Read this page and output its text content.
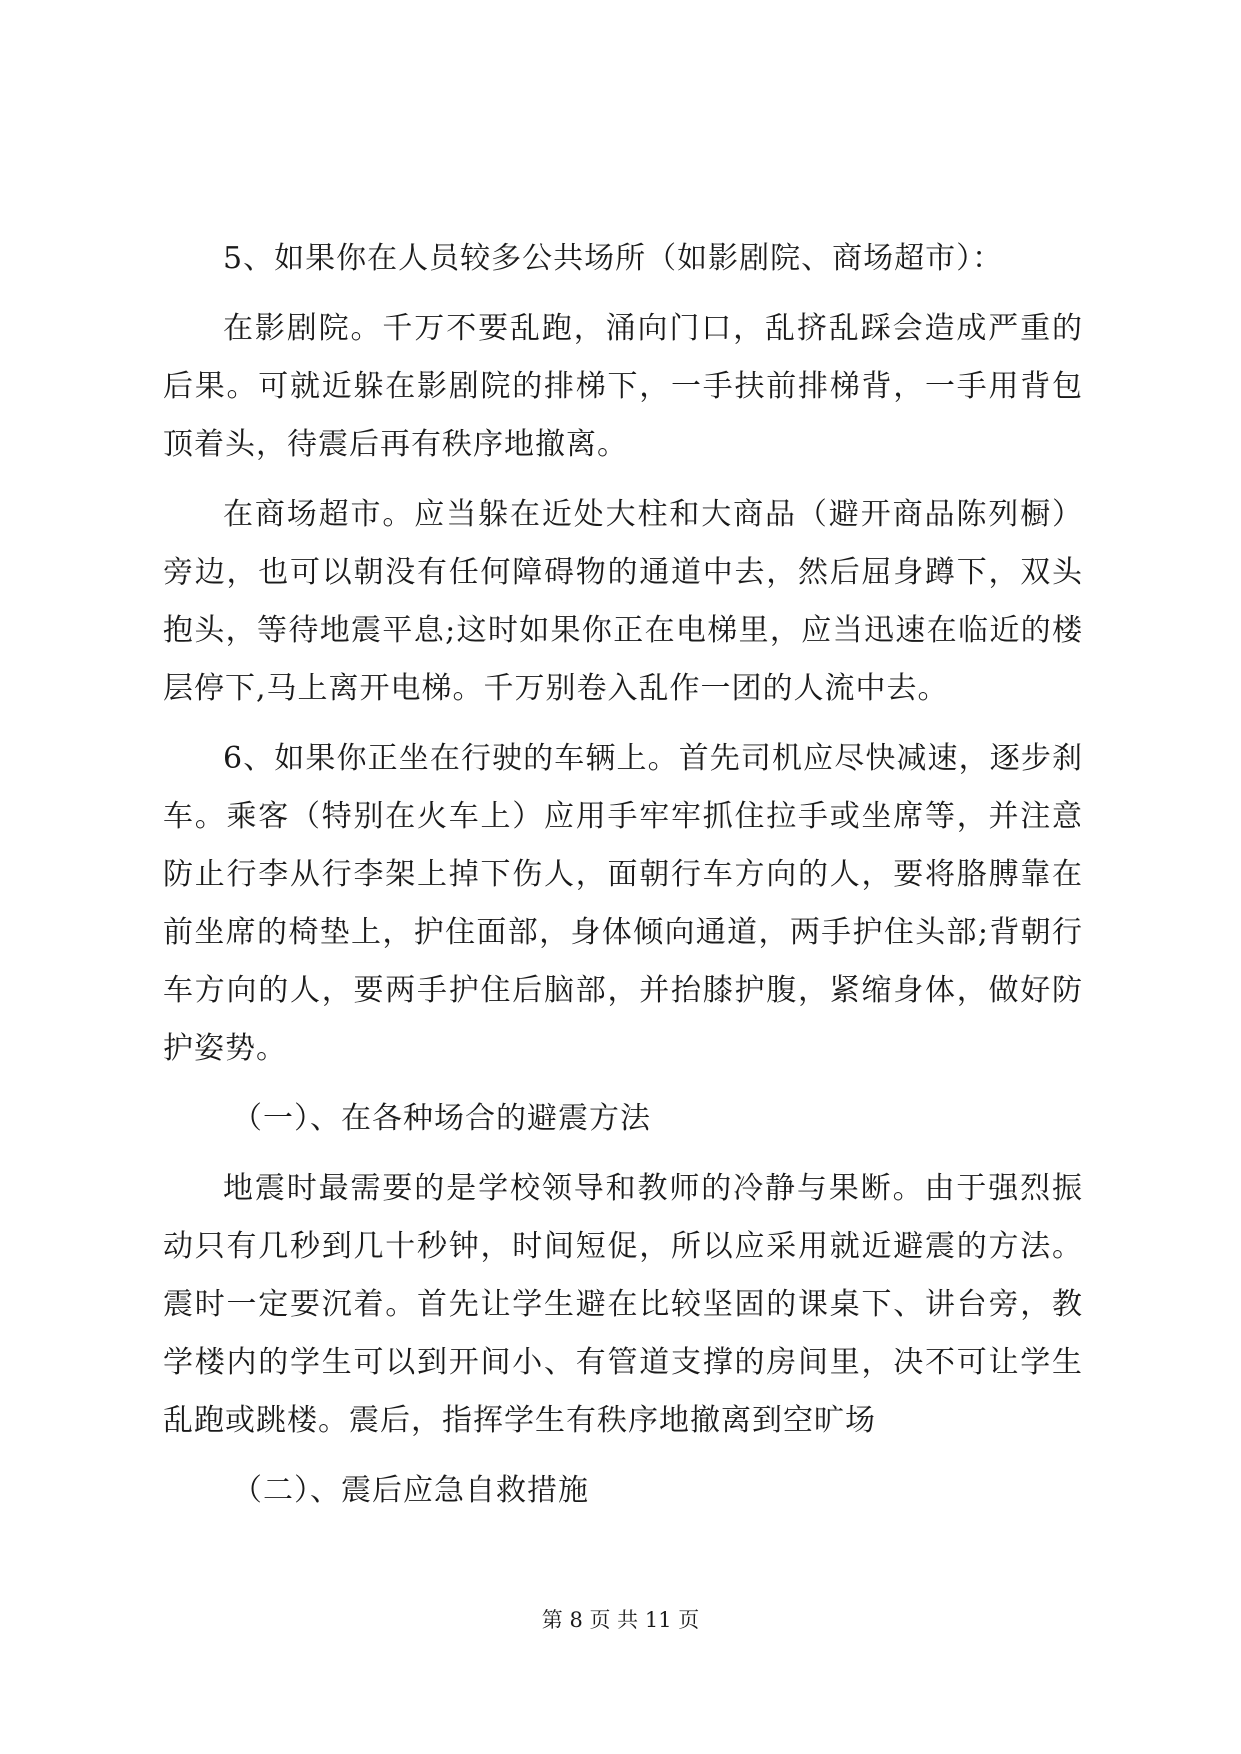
5、如果你在人员较多公共场所（如影剧院、商场超市）：

在影剧院。千万不要乱跑，涌向门口，乱挤乱踩会造成严重的后果。可就近躲在影剧院的排梯下，一手扶前排梯背，一手用背包顶着头，待震后再有秩序地撤离。

在商场超市。应当躲在近处大柱和大商品（避开商品陈列橱）旁边，也可以朝没有任何障碍物的通道中去，然后屈身蹲下，双头抱头，等待地震平息;这时如果你正在电梯里，应当迅速在临近的楼层停下,马上离开电梯。千万别卷入乱作一团的人流中去。

6、如果你正坐在行驶的车辆上。首先司机应尽快减速，逐步刹车。乘客（特别在火车上）应用手牢牢抓住拉手或坐席等，并注意防止行李从行李架上掉下伤人，面朝行车方向的人，要将胳膊靠在前坐席的椅垫上，护住面部，身体倾向通道，两手护住头部;背朝行车方向的人，要两手护住后脑部，并抬膝护腹，紧缩身体，做好防护姿势。

（一）、在各种场合的避震方法

地震时最需要的是学校领导和教师的冷静与果断。由于强烈振动只有几秒到几十秒钟，时间短促，所以应采用就近避震的方法。震时一定要沉着。首先让学生避在比较坚固的课桌下、讲台旁，教学楼内的学生可以到开间小、有管道支撑的房间里，决不可让学生乱跑或跳楼。震后，指挥学生有秩序地撤离到空旷场

（二）、震后应急自救措施

第 8 页 共 11 页
